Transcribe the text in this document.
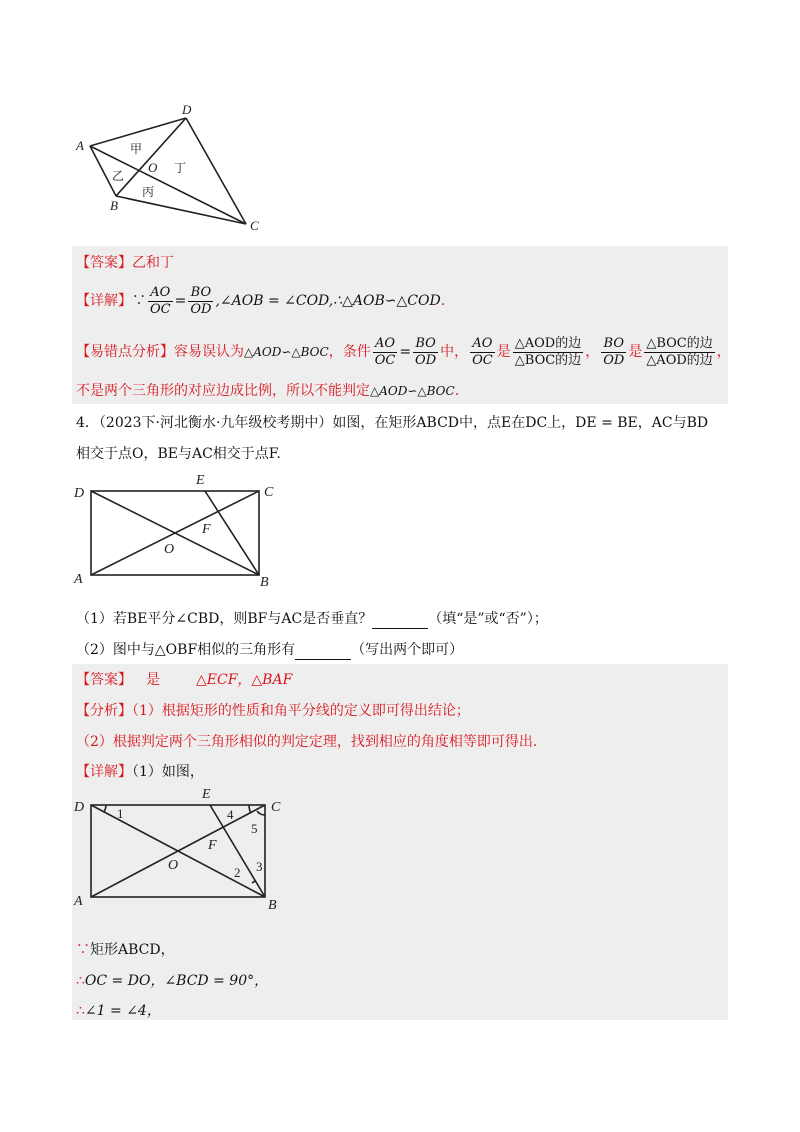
A
D
B
C
O
甲
乙
丙
丁
【答案】乙和丁
【详解】∵ $\frac{AO}{OC} = \frac{BO}{OD}$ ,∠AOB = ∠COD,∴△AOB∽△COD.
【易错点分析】容易误认为△AOD∽△BOC，条件 $\frac{AO}{OC} = \frac{BO}{OD}$ 中， $\frac{AO}{OC}$ 是 $\frac{\text{△AOD的边}}{\text{△BOC的边}}$ ， $\frac{BO}{OD}$ 是 $\frac{\text{△BOC的边}}{\text{△AOD的边}}$ ，
不是两个三角形的对应边成比例，所以不能判定△AOD∽△BOC.
4．（2023下·河北衡水·九年级校考期中）如图，在矩形ABCD中，点E在DC上，DE = BE，AC与BD
相交于点O，BE与AC相交于点F.
D
E
C
F
O
A	B
（1）若BE平分∠CBD，则BF与AC是否垂直？	（填“是”或“否”）；
（2）图中与△OBF相似的三角形有	（写出两个即可）
【答案】 是	△ECF，△BAF
【分析】（1）根据矩形的性质和角平分线的定义即可得出结论；
（2）根据判定两个三角形相似的判定定理，找到相应的角度相等即可得出.
【详解】（1）如图，
D
E
C
F
O
A	B
1	4
5
2 3
∵矩形ABCD，
∴OC = DO，∠BCD = 90°，
∴∠1 = ∠4，
